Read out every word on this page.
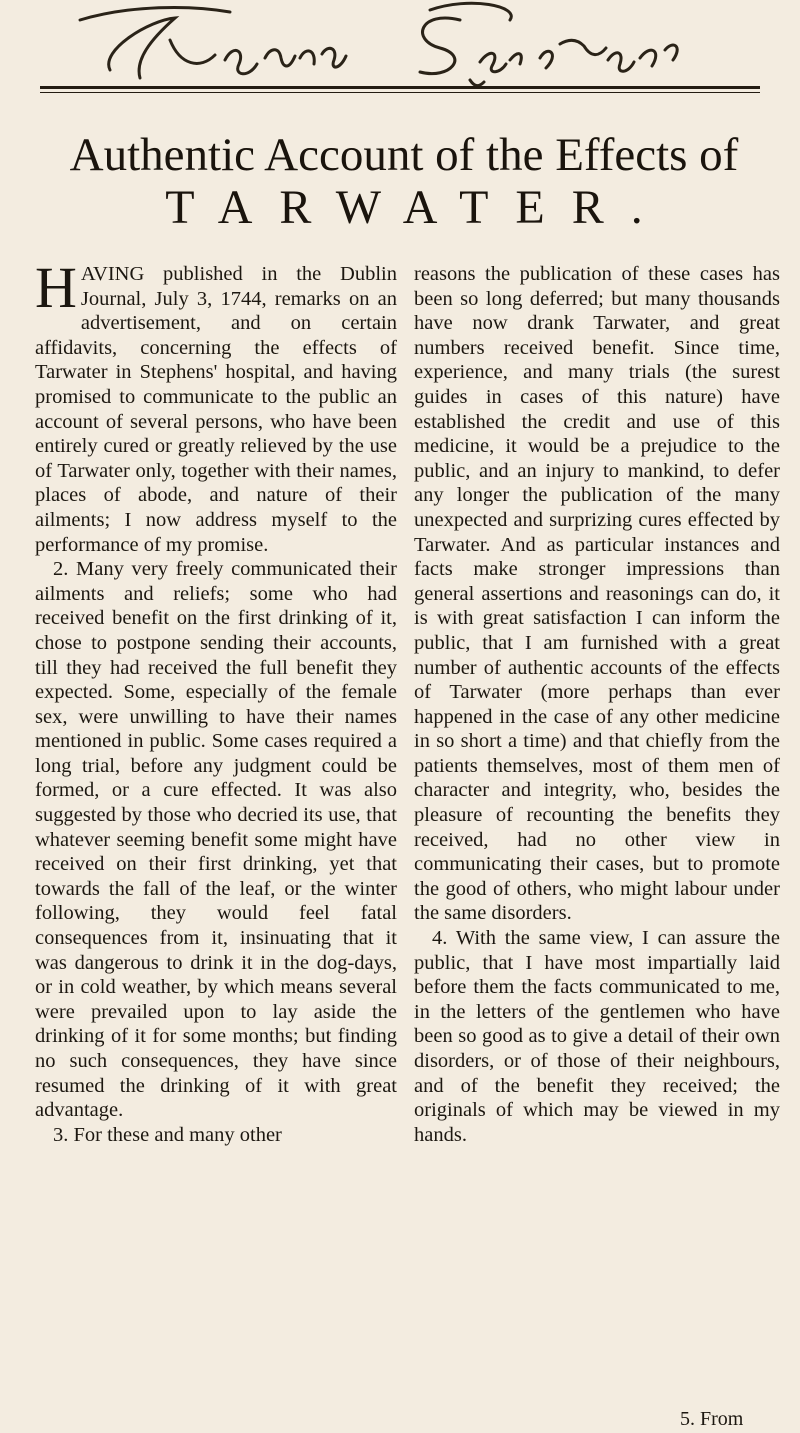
Authentic Account of the Effects of
TARWATER.

HAVING published in the Dublin Journal, July 3, 1744, remarks on an advertisement, and on certain affidavits, concerning the effects of Tarwater in Stephens' hospital, and having promised to communicate to the public an account of several persons, who have been entirely cured or greatly relieved by the use of Tarwater only, together with their names, places of abode, and nature of their ailments; I now address myself to the performance of my promise.

2. Many very freely communicated their ailments and reliefs; some who had received benefit on the first drinking of it, chose to postpone sending their accounts, till they had received the full benefit they expected. Some, especially of the female sex, were unwilling to have their names mentioned in public. Some cases required a long trial, before any judgment could be formed, or a cure effected. It was also suggested by those who decried its use, that whatever seeming benefit some might have received on their first drinking, yet that towards the fall of the leaf, or the winter following, they would feel fatal consequences from it, insinuating that it was dangerous to drink it in the dog-days, or in cold weather, by which means several were prevailed upon to lay aside the drinking of it for some months; but finding no such consequences, they have since resumed the drinking of it with great advantage.

3. For these and many other

reasons the publication of these cases has been so long deferred; but many thousands have now drank Tarwater, and great numbers received benefit. Since time, experience, and many trials (the surest guides in cases of this nature) have established the credit and use of this medicine, it would be a prejudice to the public, and an injury to mankind, to defer any longer the publication of the many unexpected and surprizing cures effected by Tarwater. And as particular instances and facts make stronger impressions than general assertions and reasonings can do, it is with great satisfaction I can inform the public, that I am furnished with a great number of authentic accounts of the effects of Tarwater (more perhaps than ever happened in the case of any other medicine in so short a time) and that chiefly from the patients themselves, most of them men of character and integrity, who, besides the pleasure of recounting the benefits they received, had no other view in communicating their cases, but to promote the good of others, who might labour under the same disorders.

4. With the same view, I can assure the public, that I have most impartially laid before them the facts communicated to me, in the letters of the gentlemen who have been so good as to give a detail of their own disorders, or of those of their neighbours, and of the benefit they received; the originals of which may be viewed in my hands.

5. From
